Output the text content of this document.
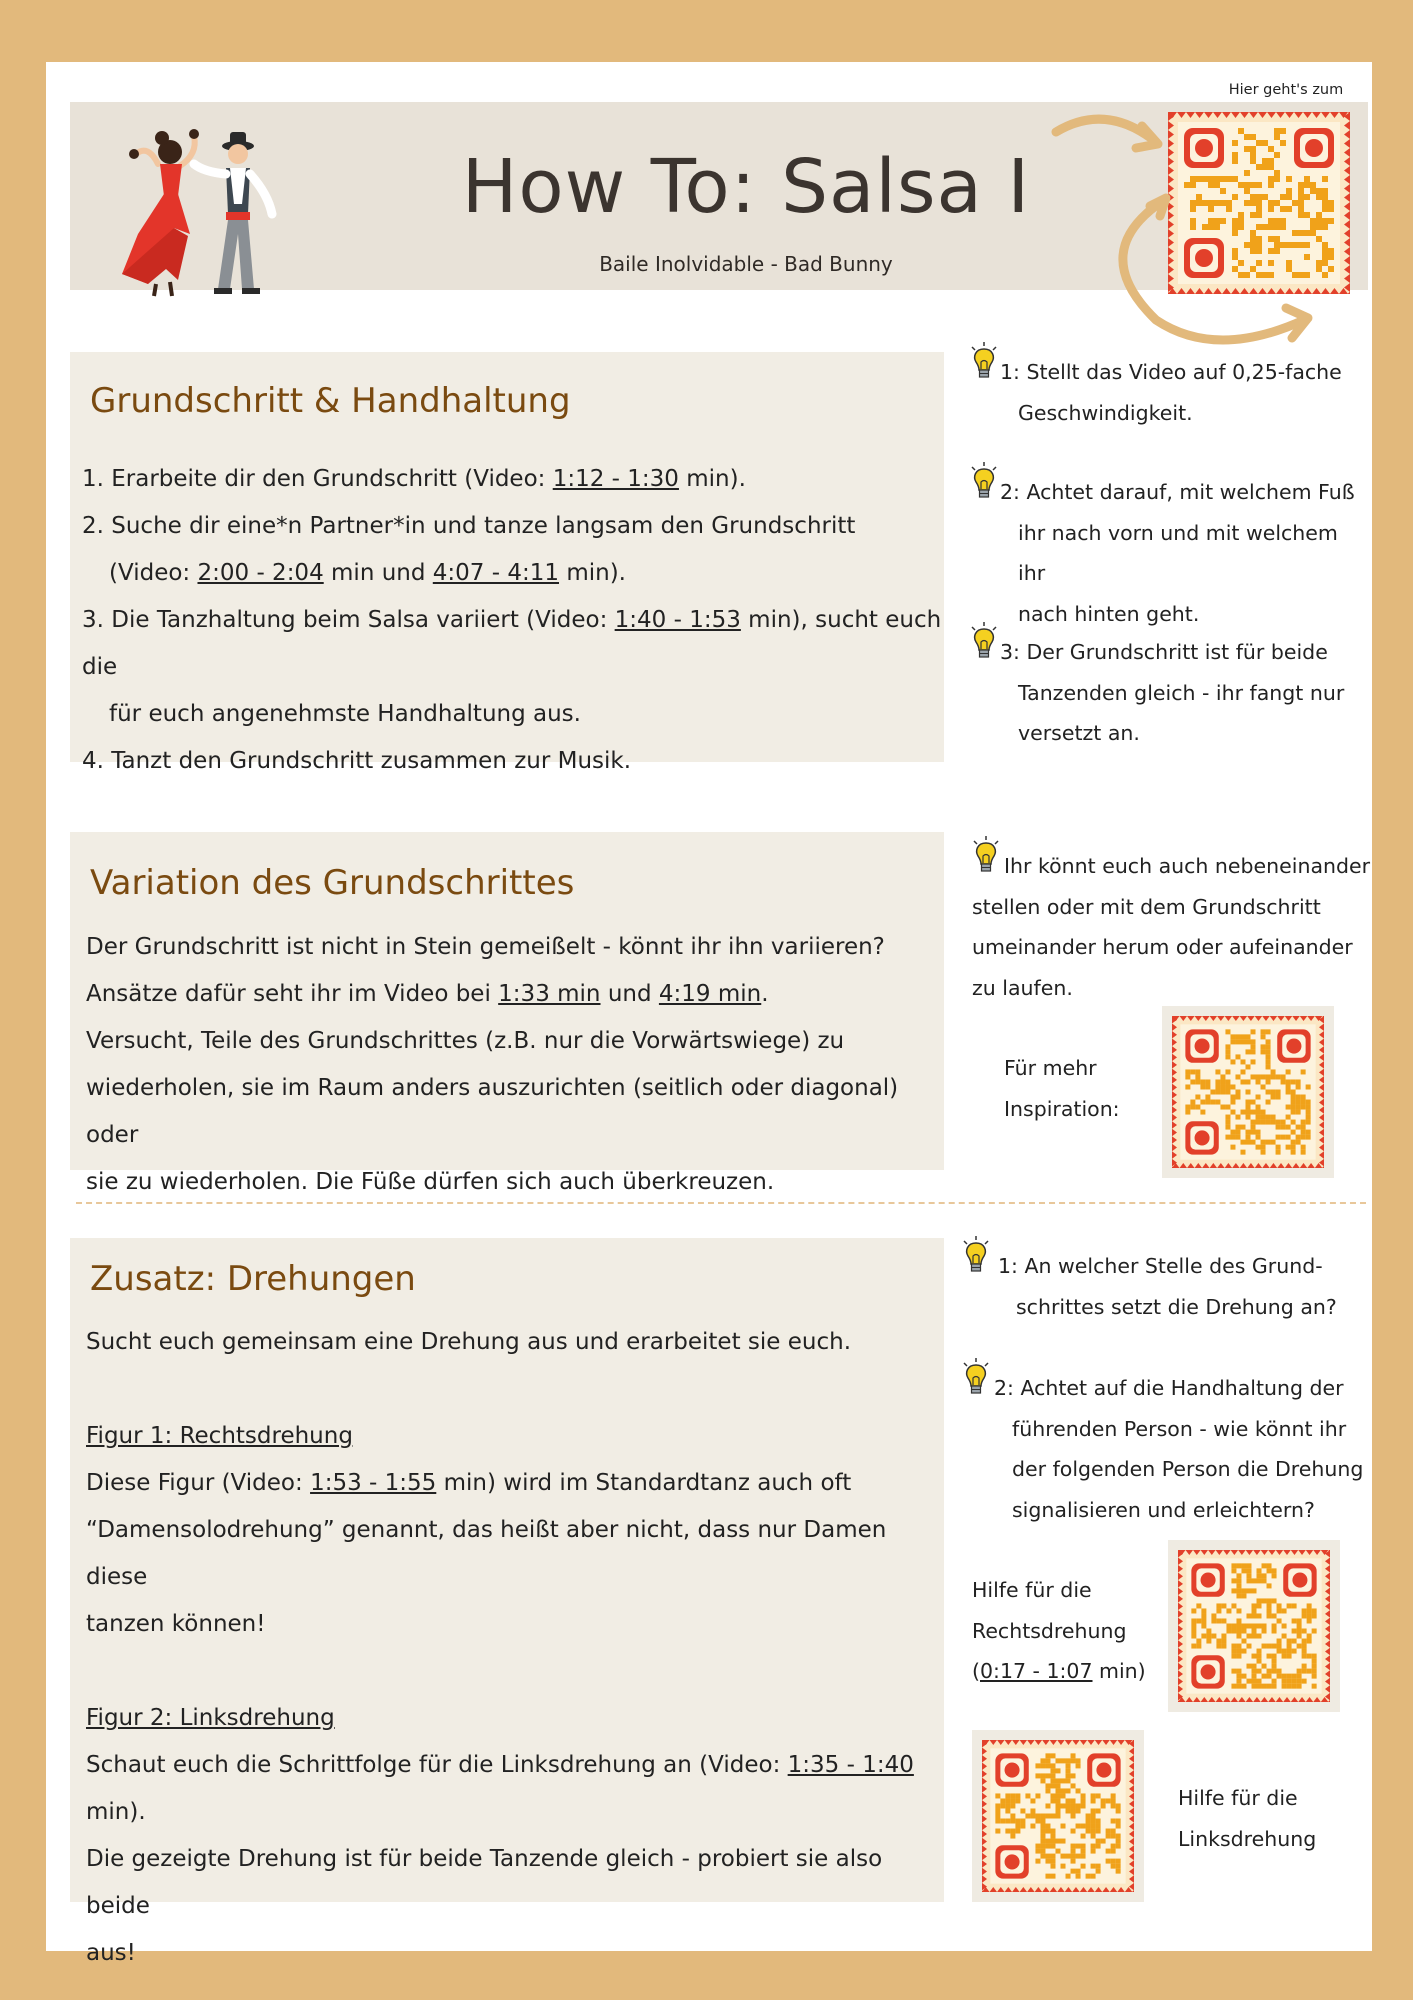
How To: Salsa I
Baile Inolvidable - Bad Bunny
Hier geht's zum
Grundschritt & Handhaltung

1. Erarbeite dir den Grundschritt (Video: 1:12 - 1:30 min).

2. Suche dir eine*n Partner*in und tanze langsam den Grundschritt

(Video: 2:00 - 2:04 min und 4:07 - 4:11 min).

3. Die Tanzhaltung beim Salsa variiert (Video: 1:40 - 1:53 min), sucht euch die

für euch angenehmste Handhaltung aus.

4. Tanzt den Grundschritt zusammen zur Musik.

1: Stellt das Video auf 0,25-fache

Geschwindigkeit.

2: Achtet darauf, mit welchem Fuß

ihr nach vorn und mit welchem ihr

nach hinten geht.

3: Der Grundschritt ist für beide

Tanzenden gleich - ihr fangt nur

versetzt an.

Variation des Grundschrittes

Der Grundschritt ist nicht in Stein gemeißelt - könnt ihr ihn variieren?

Ansätze dafür seht ihr im Video bei 1:33 min und 4:19 min.

Versucht, Teile des Grundschrittes (z.B. nur die Vorwärtswiege) zu

wiederholen, sie im Raum anders auszurichten (seitlich oder diagonal) oder

sie zu wiederholen. Die Füße dürfen sich auch überkreuzen.

Ihr könnt euch auch nebeneinander

stellen oder mit dem Grundschritt

umeinander herum oder aufeinander

zu laufen.

Für mehr

Inspiration:

Zusatz: Drehungen

Sucht euch gemeinsam eine Drehung aus und erarbeitet sie euch.

Figur 1: Rechtsdrehung

Diese Figur (Video: 1:53 - 1:55 min) wird im Standardtanz auch oft

“Damensolodrehung” genannt, das heißt aber nicht, dass nur Damen diese

tanzen können!

Figur 2: Linksdrehung

Schaut euch die Schrittfolge für die Linksdrehung an (Video: 1:35 - 1:40 min).

Die gezeigte Drehung ist für beide Tanzende gleich - probiert sie also beide

aus!

1: An welcher Stelle des Grund-

schrittes setzt die Drehung an?

2: Achtet auf die Handhaltung der

führenden Person - wie könnt ihr

der folgenden Person die Drehung

signalisieren und erleichtern?

Hilfe für die

Rechtsdrehung

(0:17 - 1:07 min)

Hilfe für die

Linksdrehung
